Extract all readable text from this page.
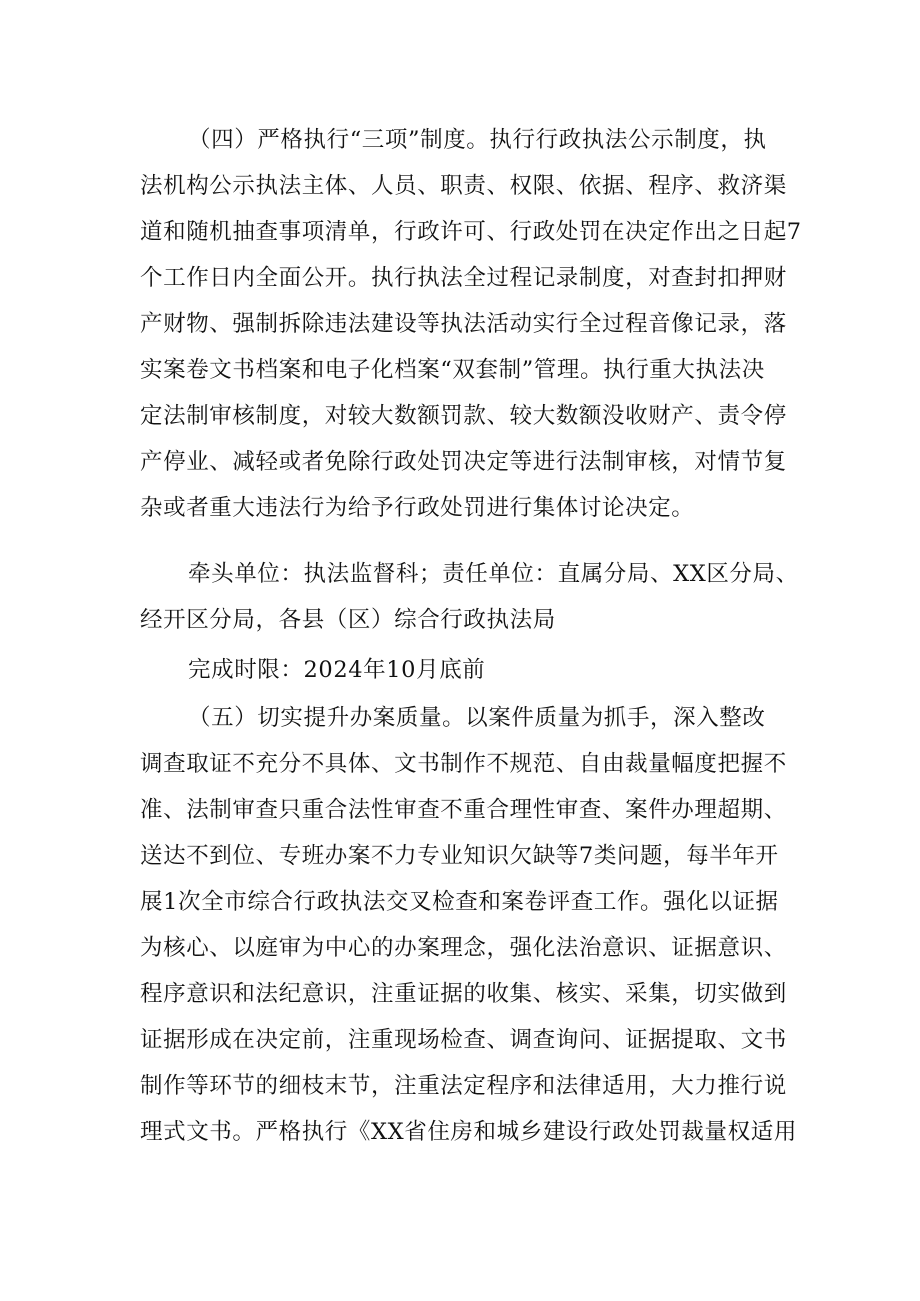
（四）严格执行“三项”制度。执行行政执法公示制度，执
法机构公示执法主体、人员、职责、权限、依据、程序、救济渠
道和随机抽查事项清单，行政许可、行政处罚在决定作出之日起7
个工作日内全面公开。执行执法全过程记录制度，对查封扣押财
产财物、强制拆除违法建设等执法活动实行全过程音像记录，落
实案卷文书档案和电子化档案“双套制”管理。执行重大执法决
定法制审核制度，对较大数额罚款、较大数额没收财产、责令停
产停业、减轻或者免除行政处罚决定等进行法制审核，对情节复
杂或者重大违法行为给予行政处罚进行集体讨论决定。
牵头单位：执法监督科；责任单位：直属分局、XX区分局、
经开区分局，各县（区）综合行政执法局
完成时限：2024年10月底前
（五）切实提升办案质量。以案件质量为抓手，深入整改
调查取证不充分不具体、文书制作不规范、自由裁量幅度把握不
准、法制审查只重合法性审查不重合理性审查、案件办理超期、
送达不到位、专班办案不力专业知识欠缺等7类问题，每半年开
展1次全市综合行政执法交叉检查和案卷评查工作。强化以证据
为核心、以庭审为中心的办案理念，强化法治意识、证据意识、
程序意识和法纪意识，注重证据的收集、核实、采集，切实做到
证据形成在决定前，注重现场检查、调查询问、证据提取、文书
制作等环节的细枝末节，注重法定程序和法律适用，大力推行说
理式文书。严格执行《XX省住房和城乡建设行政处罚裁量权适用
